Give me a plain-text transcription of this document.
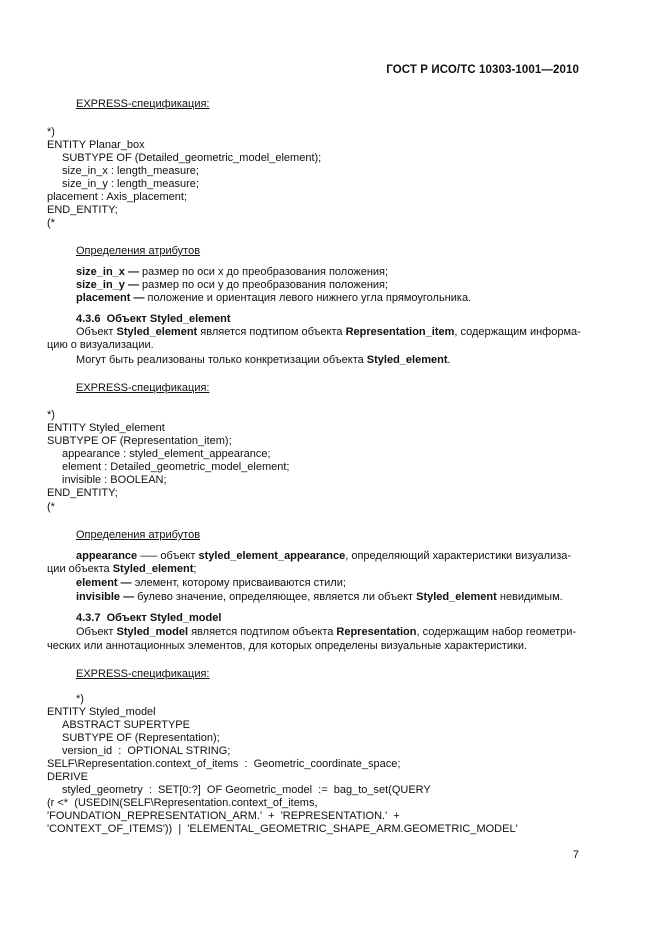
ГОСТ Р ИСО/ТС 10303-1001—2010
EXPRESS-спецификация:
*)
ENTITY Planar_box
SUBTYPE OF (Detailed_geometric_model_element);
size_in_x : length_measure;
size_in_y : length_measure;
placement : Axis_placement;
END_ENTITY;
(*
Определения атрибутов
size_in_x — размер по оси x до преобразования положения;
size_in_y — размер по оси y до преобразования положения;
placement — положение и ориентация левого нижнего угла прямоугольника.
4.3.6  Объект Styled_element
Объект Styled_element является подтипом объекта Representation_item, содержащим информа-
цию о визуализации.
Могут быть реализованы только конкретизации объекта Styled_element.
EXPRESS-спецификация:
*)
ENTITY Styled_element
SUBTYPE OF (Representation_item);
appearance : styled_element_appearance;
element : Detailed_geometric_model_element;
invisible : BOOLEAN;
END_ENTITY;
(*
Определения атрибутов
appearance —– объект styled_element_appearance, определяющий характеристики визуализа-
ции объекта Styled_element;
element — элемент, которому присваиваются стили;
invisible — булево значение, определяющее, является ли объект Styled_element невидимым.
4.3.7  Объект Styled_model
Объект Styled_model является подтипом объекта Representation, содержащим набор геометри-
ческих или аннотационных элементов, для которых определены визуальные характеристики.
EXPRESS-спецификация:
*)
ENTITY Styled_model
ABSTRACT SUPERTYPE
SUBTYPE OF (Representation);
version_id  :  OPTIONAL STRING;
SELF\Representation.context_of_items  :  Geometric_coordinate_space;
DERIVE
styled_geometry  :  SET[0:?]  OF Geometric_model  :=  bag_to_set(QUERY
(r <*  (USEDIN(SELF\Representation.context_of_items,
'FOUNDATION_REPRESENTATION_ARM.'  +  'REPRESENTATION.'  +
'CONTEXT_OF_ITEMS'))  |  'ELEMENTAL_GEOMETRIC_SHAPE_ARM.GEOMETRIC_MODEL'
7
